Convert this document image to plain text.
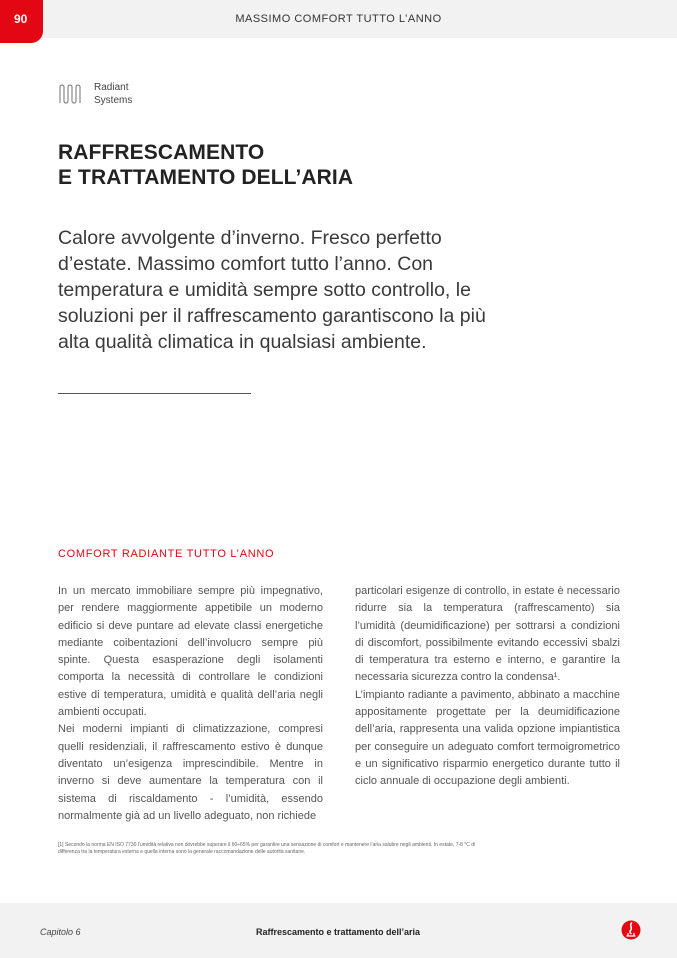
90	MASSIMO COMFORT TUTTO L’ANNO
Radiant
Systems
RAFFRESCAMENTO
E TRATTAMENTO DELL’ARIA
Calore avvolgente d’inverno. Fresco perfetto d’estate. Massimo comfort tutto l’anno. Con temperatura e umidità sempre sotto controllo, le soluzioni per il raffrescamento garantiscono la più alta qualità climatica in qualsiasi ambiente.
COMFORT RADIANTE TUTTO L’ANNO

In un mercato immobiliare sempre più impegnativo, per rendere maggiormente appetibile un moderno edificio si deve puntare ad elevate classi energetiche mediante coibentazioni dell’involucro sempre più spinte. Questa esasperazione degli isolamenti comporta la necessità di controllare le condizioni estive di temperatura, umidità e qualità dell’aria negli ambienti occupati.

Nei moderni impianti di climatizzazione, compresi quelli residenziali, il raffrescamento estivo è dunque diventato un’esigenza imprescindibile. Mentre in inverno si deve aumentare la temperatura con il sistema di riscaldamento - l’umidità, essendo normalmente già ad un livello adeguato, non richiede

particolari esigenze di controllo, in estate è necessario ridurre sia la temperatura (raffrescamento) sia l’umidità (deumidificazione) per sottrarsi a condizioni di discomfort, possibilmente evitando eccessivi sbalzi di temperatura tra esterno e interno, e garantire la necessaria sicurezza contro la condensa¹.

L’impianto radiante a pavimento, abbinato a macchine appositamente progettate per la deumidificazione dell’aria, rappresenta una valida opzione impiantistica per conseguire un adeguato comfort termoigrometrico e un significativo risparmio energetico durante tutto il ciclo annuale di occupazione degli ambienti.

[1] Secondo la norma EN ISO 7730 l’umidità relativa non dovrebbe superare il 60÷65% per garantire una sensazione di comfort e mantenere l’aria salubre negli ambienti. In estate, 7-8 °C di differenza tra la temperatura esterna e quella interna sono la generale raccomandazione delle autorità sanitarie.
Capitolo 6	Raffrescamento e trattamento dell’aria
